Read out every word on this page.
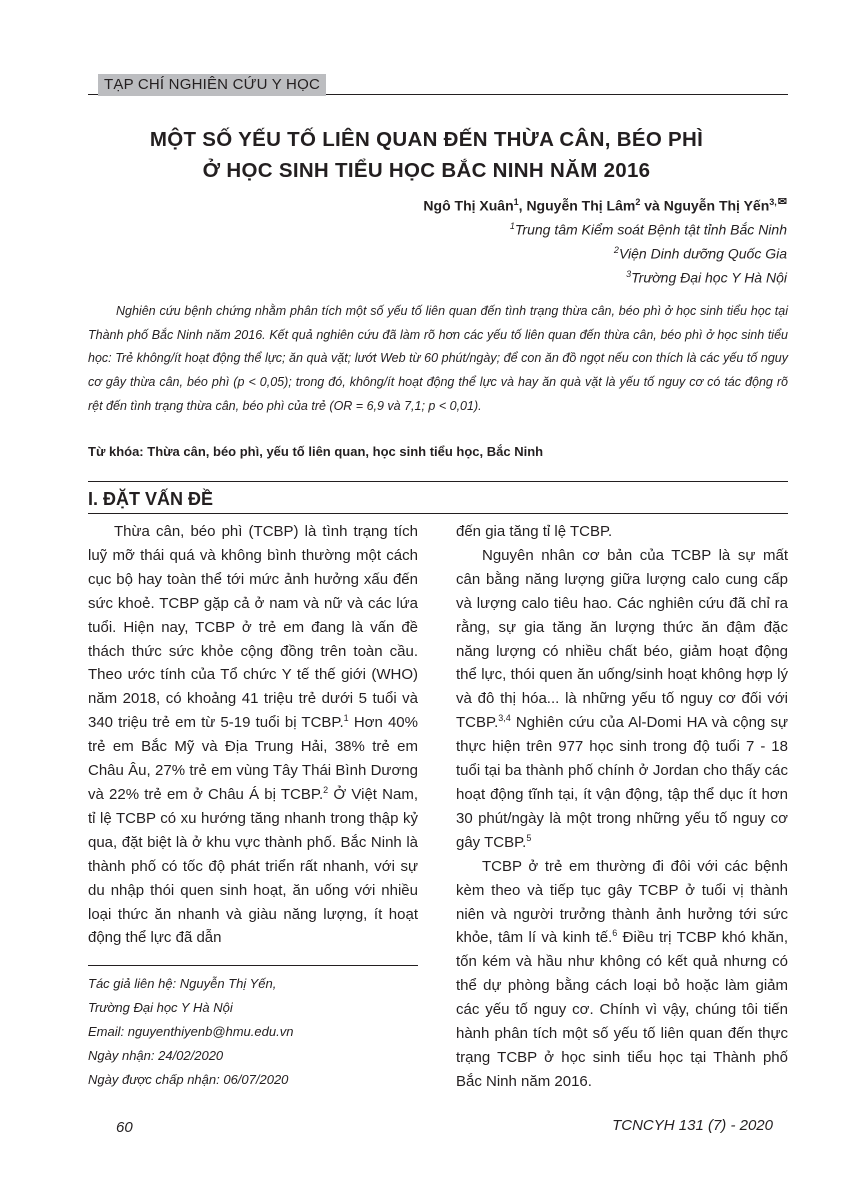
TẠP CHÍ NGHIÊN CỨU Y HỌC
MỘT SỐ YẾU TỐ LIÊN QUAN ĐẾN THỪA CÂN, BÉO PHÌ
Ở HỌC SINH TIỂU HỌC BẮC NINH NĂM 2016
Ngô Thị Xuân$^1$, Nguyễn Thị Lâm$^2$ và Nguyễn Thị Yến$^{3,}$✉
$^1$Trung tâm Kiểm soát Bệnh tật tỉnh Bắc Ninh
$^2$Viện Dinh dưỡng Quốc Gia
$^3$Trường Đại học Y Hà Nội
Nghiên cứu bệnh chứng nhằm phân tích một số yếu tố liên quan đến tình trạng thừa cân, béo phì ở học sinh tiểu học tại Thành phố Bắc Ninh năm 2016. Kết quả nghiên cứu đã làm rõ hơn các yếu tố liên quan đến thừa cân, béo phì ở học sinh tiểu học: Trẻ không/ít hoạt động thể lực; ăn quà vặt; lướt Web từ 60 phút/ngày; để con ăn đồ ngọt nếu con thích là các yếu tố nguy cơ gây thừa cân, béo phì (p < 0,05); trong đó, không/ít hoạt động thể lực và hay ăn quà vặt là yếu tố nguy cơ có tác động rõ rệt đến tình trạng thừa cân, béo phì của trẻ (OR = 6,9 và 7,1; p < 0,01).
Từ khóa: Thừa cân, béo phì, yếu tố liên quan, học sinh tiểu học, Bắc Ninh
I. ĐẶT VẤN ĐỀ

Thừa cân, béo phì (TCBP) là tình trạng tích luỹ mỡ thái quá và không bình thường một cách cục bộ hay toàn thể tới mức ảnh hưởng xấu đến sức khoẻ. TCBP gặp cả ở nam và nữ và các lứa tuổi. Hiện nay, TCBP ở trẻ em đang là vấn đề thách thức sức khỏe cộng đồng trên toàn cầu. Theo ước tính của Tổ chức Y tế thế giới (WHO) năm 2018, có khoảng 41 triệu trẻ dưới 5 tuổi và 340 triệu trẻ em từ 5-19 tuổi bị TCBP.$^1$ Hơn 40% trẻ em Bắc Mỹ và Địa Trung Hải, 38% trẻ em Châu Âu, 27% trẻ em vùng Tây Thái Bình Dương và 22% trẻ em ở Châu Á bị TCBP.$^2$ Ở Việt Nam, tỉ lệ TCBP có xu hướng tăng nhanh trong thập kỷ qua, đặt biệt là ở khu vực thành phố. Bắc Ninh là thành phố có tốc độ phát triển rất nhanh, với sự du nhập thói quen sinh hoạt, ăn uống với nhiều loại thức ăn nhanh và giàu năng lượng, ít hoạt động thể lực đã dẫn

đến gia tăng tỉ lệ TCBP.

Nguyên nhân cơ bản của TCBP là sự mất cân bằng năng lượng giữa lượng calo cung cấp và lượng calo tiêu hao. Các nghiên cứu đã chỉ ra rằng, sự gia tăng ăn lượng thức ăn đậm đặc năng lượng có nhiều chất béo, giảm hoạt động thể lực, thói quen ăn uống/sinh hoạt không hợp lý và đô thị hóa... là những yếu tố nguy cơ đối với TCBP.$^{3,4}$ Nghiên cứu của Al-Domi HA và cộng sự thực hiện trên 977 học sinh trong độ tuổi 7 - 18 tuổi tại ba thành phố chính ở Jordan cho thấy các hoạt động tĩnh tại, ít vận động, tập thể dục ít hơn 30 phút/ngày là một trong những yếu tố nguy cơ gây TCBP.$^5$

TCBP ở trẻ em thường đi đôi với các bệnh kèm theo và tiếp tục gây TCBP ở tuổi vị thành niên và người trưởng thành ảnh hưởng tới sức khỏe, tâm lí và kinh tế.$^6$ Điều trị TCBP khó khăn, tốn kém và hầu như không có kết quả nhưng có thể dự phòng bằng cách loại bỏ hoặc làm giảm các yếu tố nguy cơ. Chính vì vậy, chúng tôi tiến hành phân tích một số yếu tố liên quan đến thực trạng TCBP ở học sinh tiểu học tại Thành phố Bắc Ninh năm 2016.

Tác giả liên hệ: Nguyễn Thị Yến,
Trường Đại học Y Hà Nội
Email: nguyenthiyenb@hmu.edu.vn
Ngày nhận: 24/02/2020
Ngày được chấp nhận: 06/07/2020
60	TCNCYH 131 (7) - 2020
